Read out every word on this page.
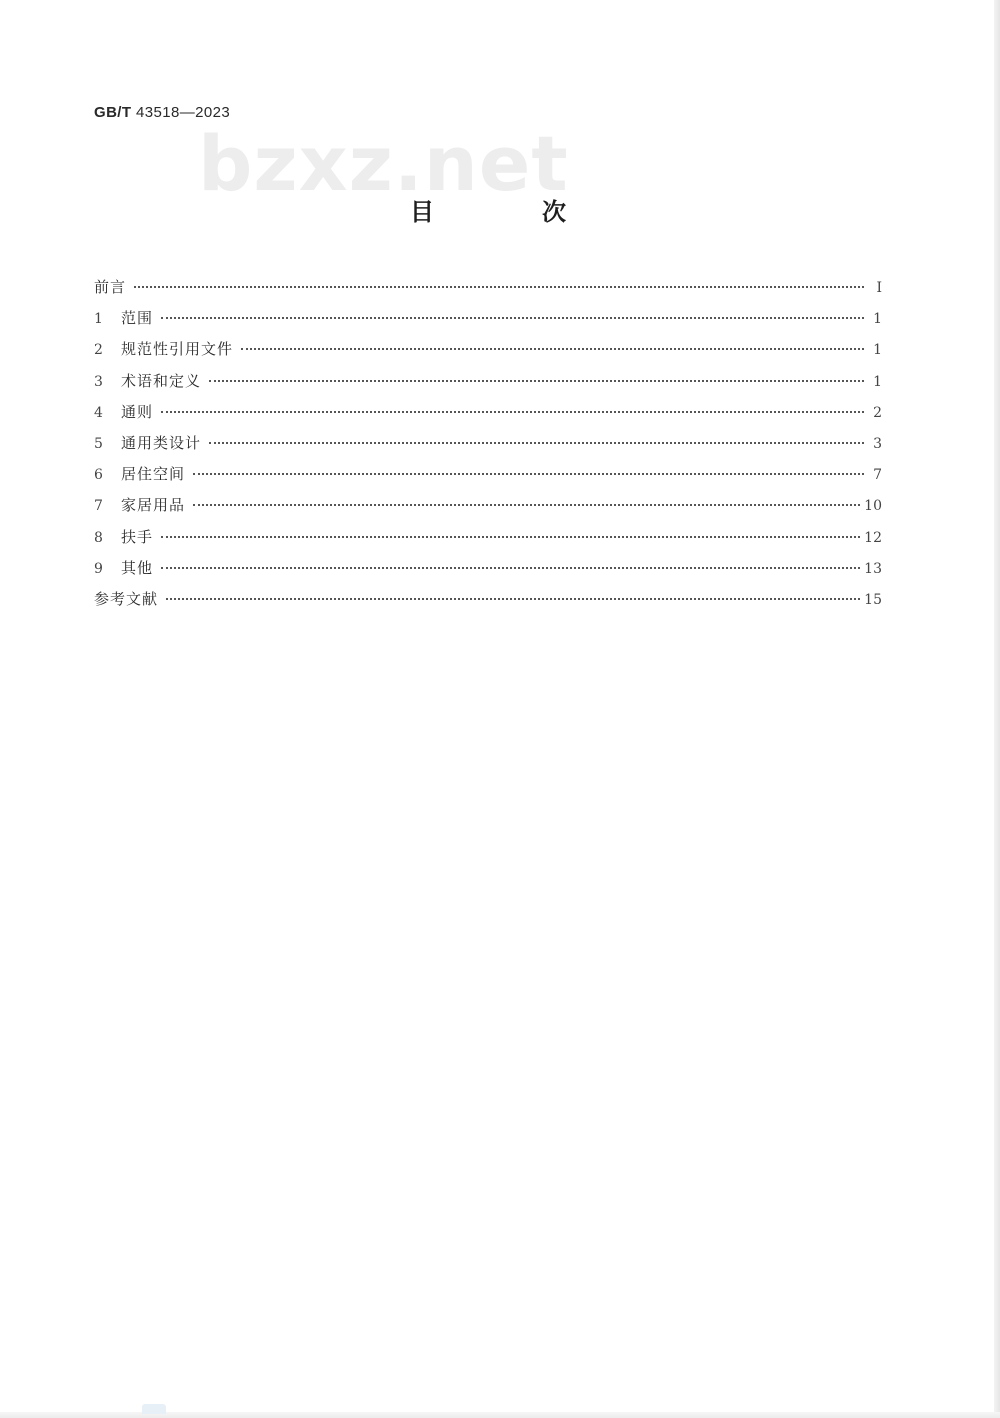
GB/T 43518—2023
bzxz.net
目　次
前言	Ⅰ
1	范围	1
2	规范性引用文件	1
3	术语和定义	1
4	通则	2
5	通用类设计	3
6	居住空间	7
7	家居用品	10
8	扶手	12
9	其他	13
参考文献	15
